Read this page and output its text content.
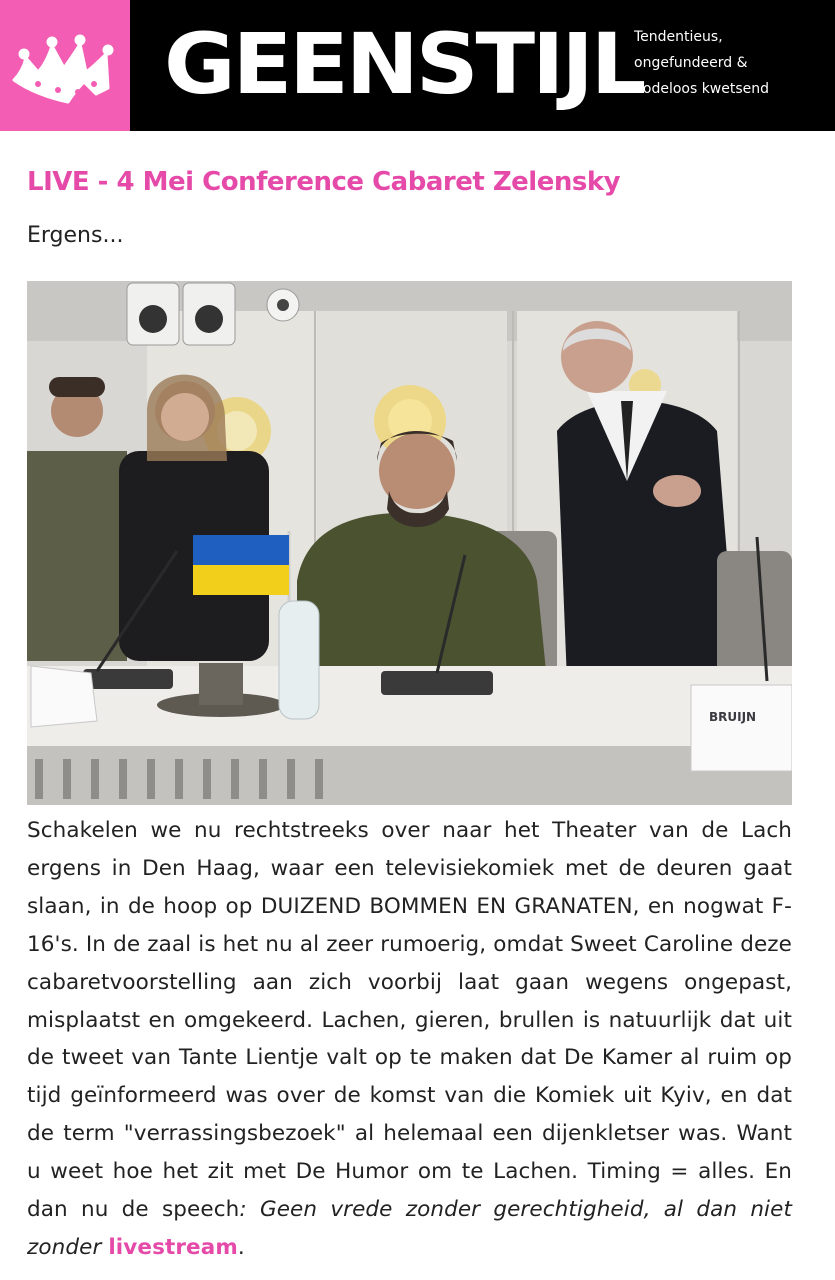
GEENSTIJL
Tendentieus,
ongefundeerd &
nodeloos kwetsend
LIVE - 4 Mei Conference Cabaret Zelensky
Ergens...
BRUIJN

Schakelen we nu rechtstreeks over naar het Theater van de Lach ergens in Den Haag, waar een televisiekomiek met de deuren gaat slaan, in de hoop op DUIZEND BOMMEN EN GRANATEN, en nogwat F-16's. In de zaal is het nu al zeer rumoerig, omdat Sweet Caroline deze cabaretvoorstelling aan zich voorbij laat gaan wegens ongepast, misplaatst en omgekeerd. Lachen, gieren, brullen is natuurlijk dat uit de tweet van Tante Lientje valt op te maken dat De Kamer al ruim op tijd geïnformeerd was over de komst van die Komiek uit Kyiv, en dat de term "verrassingsbezoek" al helemaal een dijenkletser was. Want u weet hoe het zit met De Humor om te Lachen. Timing = alles. En dan nu de speech: Geen vrede zonder gerechtigheid, al dan niet zonder livestream.
